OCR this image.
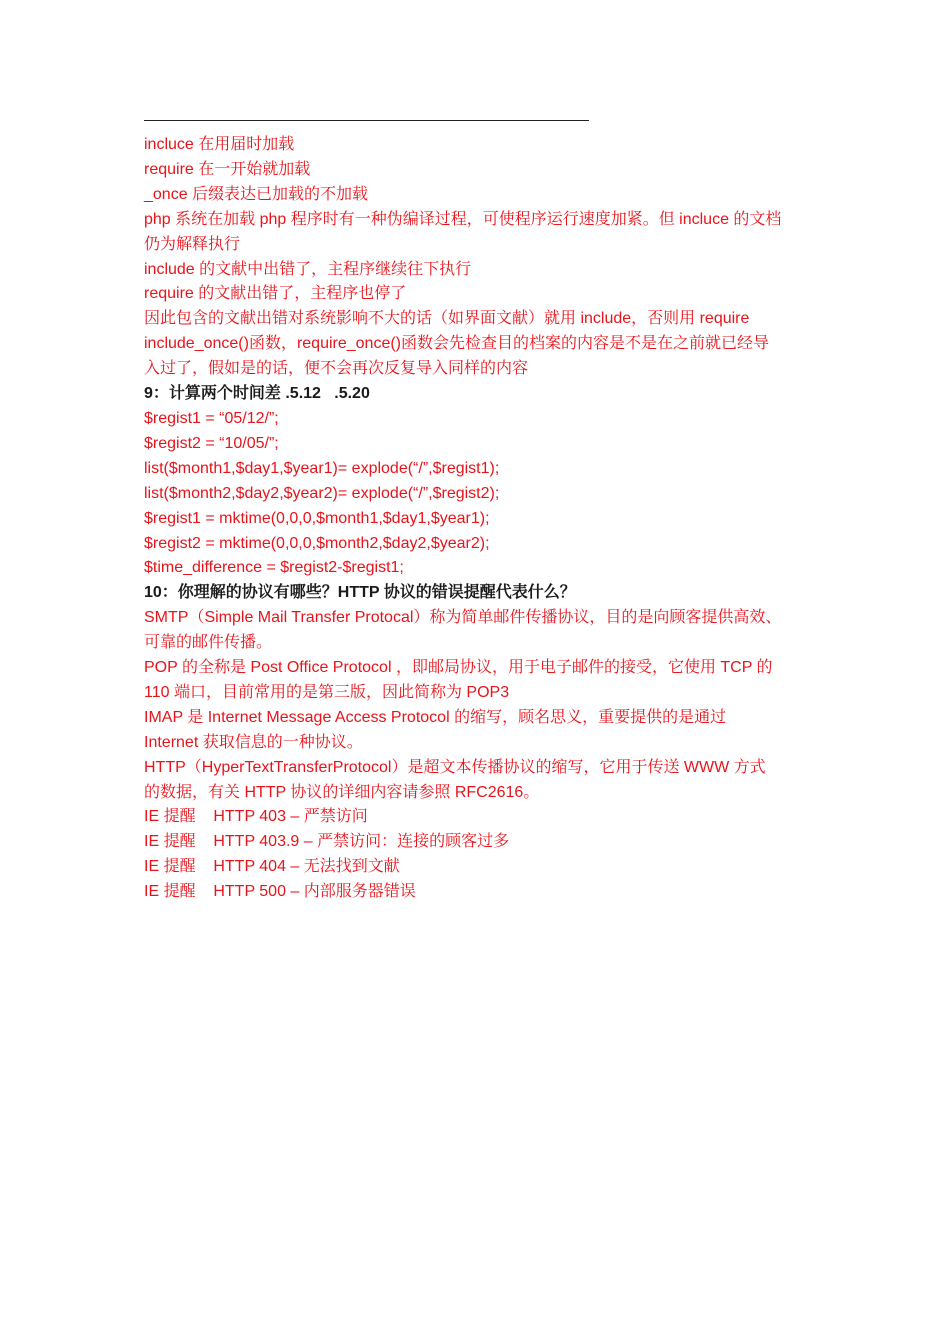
incluce 在用届时加载
require 在一开始就加载
_once 后缀表达已加载的不加载
php 系统在加载 php 程序时有一种伪编译过程，可使程序运行速度加紧。但 incluce 的文档
仍为解释执行
include 的文献中出错了，主程序继续往下执行
require 的文献出错了，主程序也停了
因此包含的文献出错对系统影响不大的话（如界面文献）就用 include，否则用 require
include_once()函数，require_once()函数会先检查目的档案的内容是不是在之前就已经导
入过了，假如是的话，便不会再次反复导入同样的内容
9：计算两个时间差 .5.12   .5.20
$regist1 = “05/12/”;
$regist2 = “10/05/”;
list($month1,$day1,$year1)= explode(“/”,$regist1);
list($month2,$day2,$year2)= explode(“/”,$regist2);
$regist1 = mktime(0,0,0,$month1,$day1,$year1);
$regist2 = mktime(0,0,0,$month2,$day2,$year2);
$time_difference = $regist2-$regist1;
10：你理解的协议有哪些？HTTP 协议的错误提醒代表什么？
SMTP（Simple Mail Transfer Protocal）称为简单邮件传播协议，目的是向顾客提供高效、
可靠的邮件传播。
POP 的全称是 Post Office Protocol ，即邮局协议，用于电子邮件的接受，它使用 TCP 的
110 端口，目前常用的是第三版，因此简称为 POP3
IMAP 是 Internet Message Access Protocol 的缩写，顾名思义，重要提供的是通过
Internet 获取信息的一种协议。
HTTP（HyperTextTransferProtocol）是超文本传播协议的缩写，它用于传送 WWW 方式
的数据，有关 HTTP 协议的详细内容请参照 RFC2616。
IE 提醒    HTTP 403 – 严禁访问
IE 提醒    HTTP 403.9 – 严禁访问：连接的顾客过多
IE 提醒    HTTP 404 – 无法找到文献
IE 提醒    HTTP 500 – 内部服务器错误
